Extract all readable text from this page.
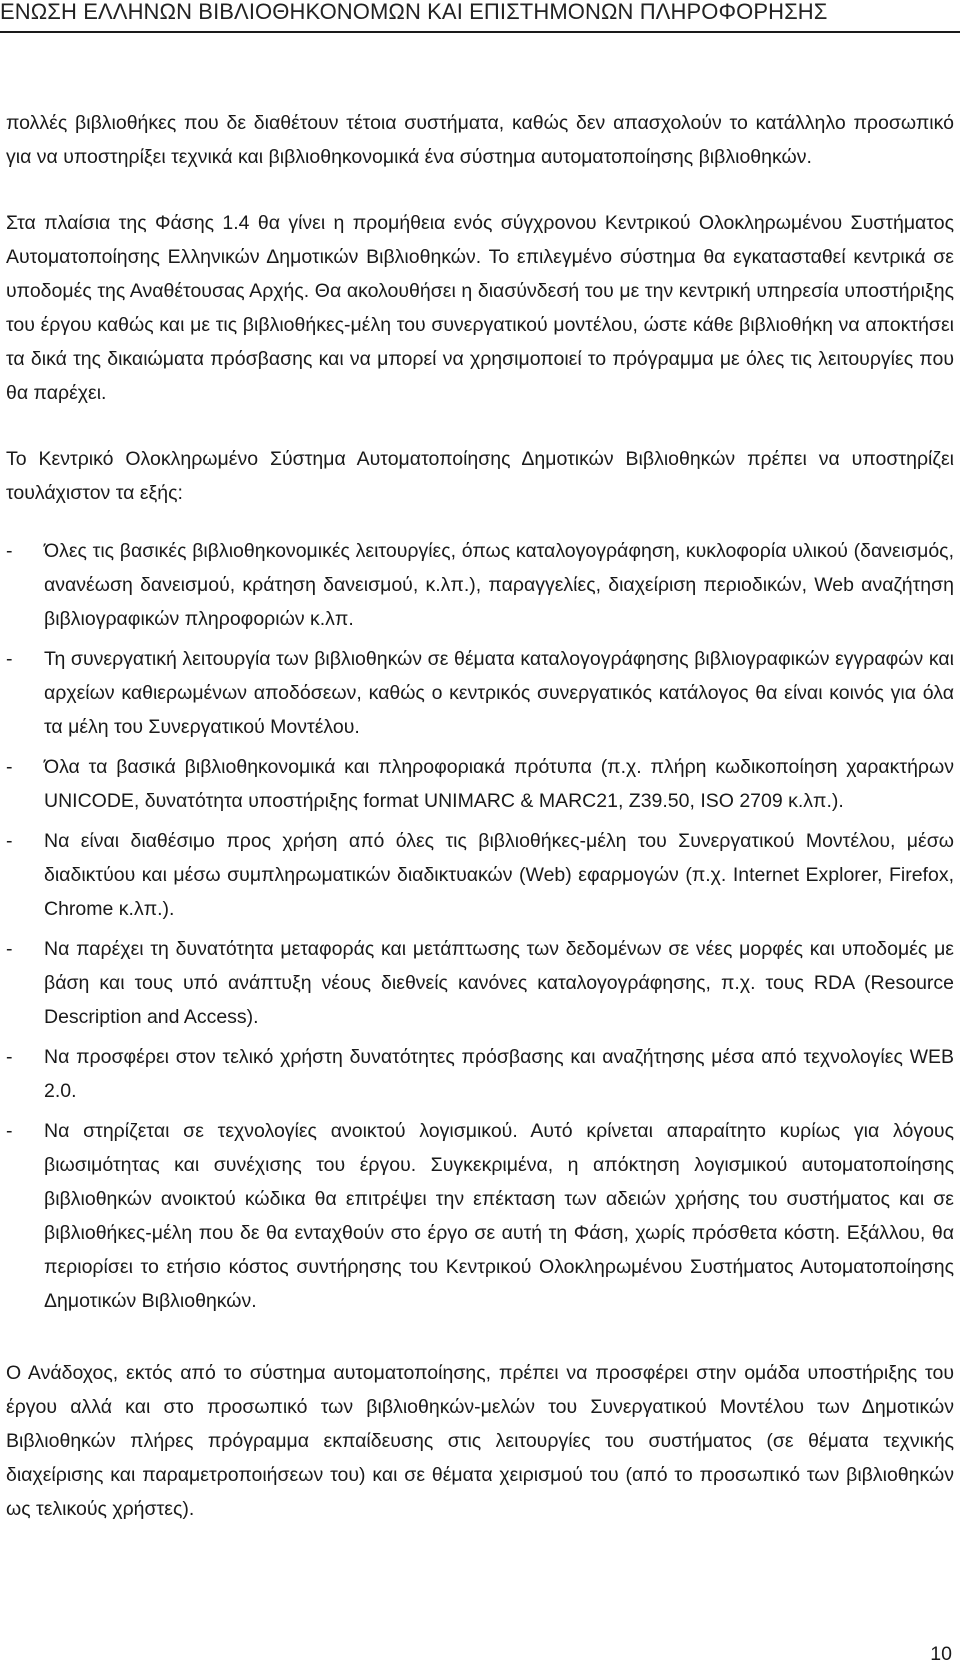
ΕΝΩΣΗ ΕΛΛΗΝΩΝ ΒΙΒΛΙΟΘΗΚΟΝΟΜΩΝ ΚΑΙ ΕΠΙΣΤΗΜΟΝΩΝ ΠΛΗΡΟΦΟΡΗΣΗΣ

πολλές βιβλιοθήκες που δε διαθέτουν τέτοια συστήματα, καθώς δεν απασχολούν το κατάλληλο προσωπικό για να υποστηρίξει τεχνικά και βιβλιοθηκονομικά ένα σύστημα αυτοματοποίησης βιβλιοθηκών.

Στα πλαίσια της Φάσης 1.4 θα γίνει η προμήθεια ενός σύγχρονου Κεντρικού Ολοκληρωμένου Συστήματος Αυτοματοποίησης Ελληνικών Δημοτικών Βιβλιοθηκών. Το επιλεγμένο σύστημα θα εγκατασταθεί κεντρικά σε υποδομές της Αναθέτουσας Αρχής. Θα ακολουθήσει η διασύνδεσή του με την κεντρική υπηρεσία υποστήριξης του έργου καθώς και με τις βιβλιοθήκες-μέλη του συνεργατικού μοντέλου, ώστε κάθε βιβλιοθήκη να αποκτήσει τα δικά της δικαιώματα πρόσβασης και να μπορεί να χρησιμοποιεί το πρόγραμμα με όλες τις λειτουργίες που θα παρέχει.

Το Κεντρικό Ολοκληρωμένο Σύστημα Αυτοματοποίησης Δημοτικών Βιβλιοθηκών πρέπει να υποστηρίζει τουλάχιστον τα εξής:

- Όλες τις βασικές βιβλιοθηκονομικές λειτουργίες, όπως καταλογογράφηση, κυκλοφορία υλικού (δανεισμός, ανανέωση δανεισμού, κράτηση δανεισμού, κ.λπ.), παραγγελίες, διαχείριση περιοδικών, Web αναζήτηση βιβλιογραφικών πληροφοριών κ.λπ.
- Τη συνεργατική λειτουργία των βιβλιοθηκών σε θέματα καταλογογράφησης βιβλιογραφικών εγγραφών και αρχείων καθιερωμένων αποδόσεων, καθώς ο κεντρικός συνεργατικός κατάλογος θα είναι κοινός για όλα τα μέλη του Συνεργατικού Μοντέλου.
- Όλα τα βασικά βιβλιοθηκονομικά και πληροφοριακά πρότυπα (π.χ. πλήρη κωδικοποίηση χαρακτήρων UNICODE, δυνατότητα υποστήριξης format UNIMARC & MARC21, Z39.50, ISO 2709 κ.λπ.).
- Να είναι διαθέσιμο προς χρήση από όλες τις βιβλιοθήκες-μέλη του Συνεργατικού Μοντέλου, μέσω διαδικτύου και μέσω συμπληρωματικών διαδικτυακών (Web) εφαρμογών (π.χ. Internet Explorer, Firefox, Chrome κ.λπ.).
- Να παρέχει τη δυνατότητα μεταφοράς και μετάπτωσης των δεδομένων σε νέες μορφές και υποδομές με βάση και τους υπό ανάπτυξη νέους διεθνείς κανόνες καταλογογράφησης, π.χ. τους RDA (Resource Description and Access).
- Να προσφέρει στον τελικό χρήστη δυνατότητες πρόσβασης και αναζήτησης μέσα από τεχνολογίες WEB 2.0.
- Να στηρίζεται σε τεχνολογίες ανοικτού λογισμικού. Αυτό κρίνεται απαραίτητο κυρίως για λόγους βιωσιμότητας και συνέχισης του έργου. Συγκεκριμένα, η απόκτηση λογισμικού αυτοματοποίησης βιβλιοθηκών ανοικτού κώδικα θα επιτρέψει την επέκταση των αδειών χρήσης του συστήματος και σε βιβλιοθήκες-μέλη που δε θα ενταχθούν στο έργο σε αυτή τη Φάση, χωρίς πρόσθετα κόστη. Εξάλλου, θα περιορίσει το ετήσιο κόστος συντήρησης του Κεντρικού Ολοκληρωμένου Συστήματος Αυτοματοποίησης Δημοτικών Βιβλιοθηκών.

Ο Ανάδοχος, εκτός από το σύστημα αυτοματοποίησης, πρέπει να προσφέρει στην ομάδα υποστήριξης του έργου αλλά και στο προσωπικό των βιβλιοθηκών-μελών του Συνεργατικού Μοντέλου των Δημοτικών Βιβλιοθηκών πλήρες πρόγραμμα εκπαίδευσης στις λειτουργίες του συστήματος (σε θέματα τεχνικής διαχείρισης και παραμετροποιήσεων του) και σε θέματα χειρισμού του (από το προσωπικό των βιβλιοθηκών ως τελικούς χρήστες).

10
